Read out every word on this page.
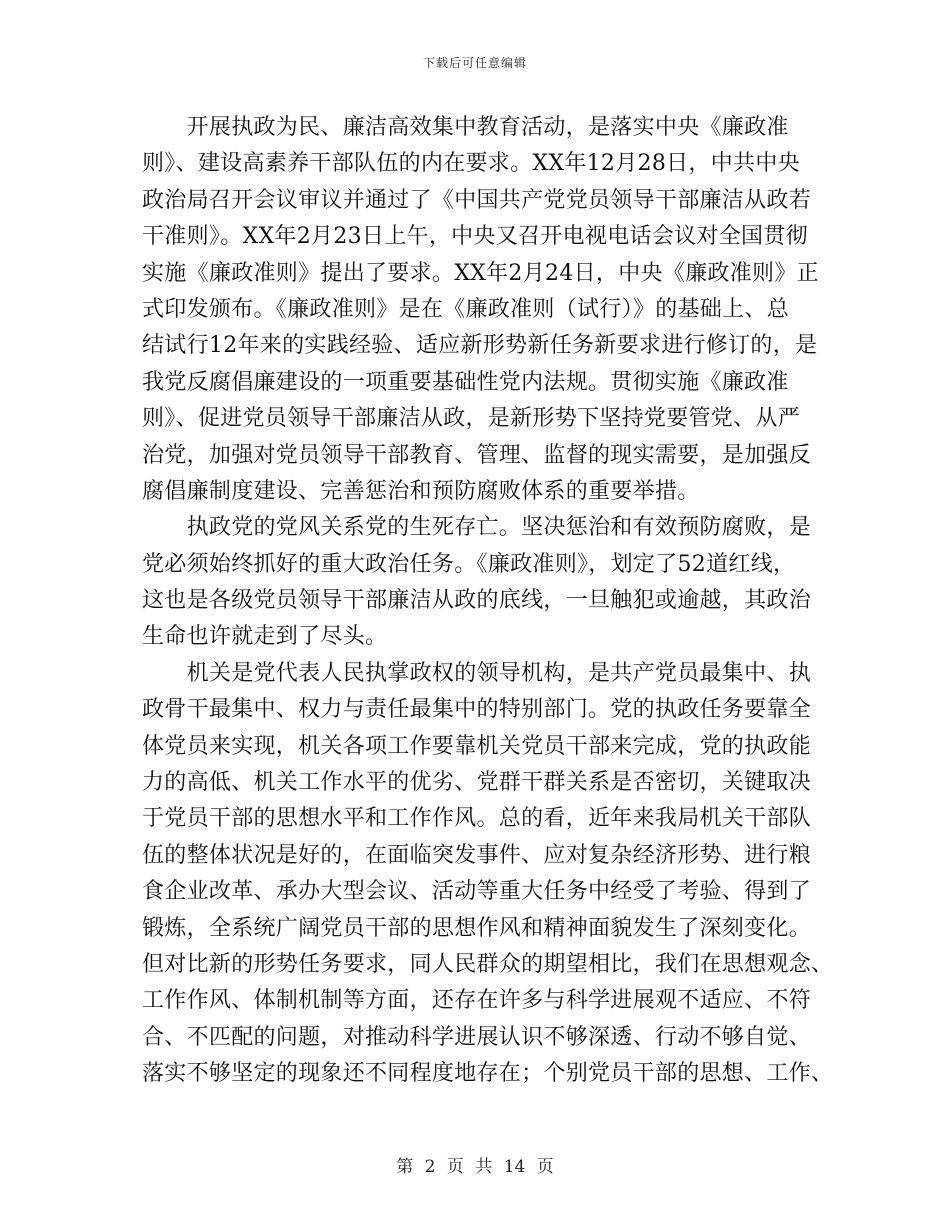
下载后可任意编辑
　　开展执政为民、廉洁高效集中教育活动，是落实中央《廉政准
则》、建设高素养干部队伍的内在要求。XX年12月28日，中共中央
政治局召开会议审议并通过了《中国共产党党员领导干部廉洁从政若
干准则》。XX年2月23日上午，中央又召开电视电话会议对全国贯彻
实施《廉政准则》提出了要求。XX年2月24日，中央《廉政准则》正
式印发颁布。《廉政准则》是在《廉政准则（试行）》的基础上、总
结试行12年来的实践经验、适应新形势新任务新要求进行修订的，是
我党反腐倡廉建设的一项重要基础性党内法规。贯彻实施《廉政准
则》、促进党员领导干部廉洁从政，是新形势下坚持党要管党、从严
治党，加强对党员领导干部教育、管理、监督的现实需要，是加强反
腐倡廉制度建设、完善惩治和预防腐败体系的重要举措。
　　执政党的党风关系党的生死存亡。坚决惩治和有效预防腐败，是
党必须始终抓好的重大政治任务。《廉政准则》，划定了52道红线，
这也是各级党员领导干部廉洁从政的底线，一旦触犯或逾越，其政治
生命也许就走到了尽头。
　　机关是党代表人民执掌政权的领导机构，是共产党员最集中、执
政骨干最集中、权力与责任最集中的特别部门。党的执政任务要靠全
体党员来实现，机关各项工作要靠机关党员干部来完成，党的执政能
力的高低、机关工作水平的优劣、党群干群关系是否密切，关键取决
于党员干部的思想水平和工作作风。总的看，近年来我局机关干部队
伍的整体状况是好的，在面临突发事件、应对复杂经济形势、进行粮
食企业改革、承办大型会议、活动等重大任务中经受了考验、得到了
锻炼，全系统广阔党员干部的思想作风和精神面貌发生了深刻变化。
但对比新的形势任务要求，同人民群众的期望相比，我们在思想观念、
工作作风、体制机制等方面，还存在许多与科学进展观不适应、不符
合、不匹配的问题，对推动科学进展认识不够深透、行动不够自觉、
落实不够坚定的现象还不同程度地存在；个别党员干部的思想、工作、
第 2 页 共 14 页
